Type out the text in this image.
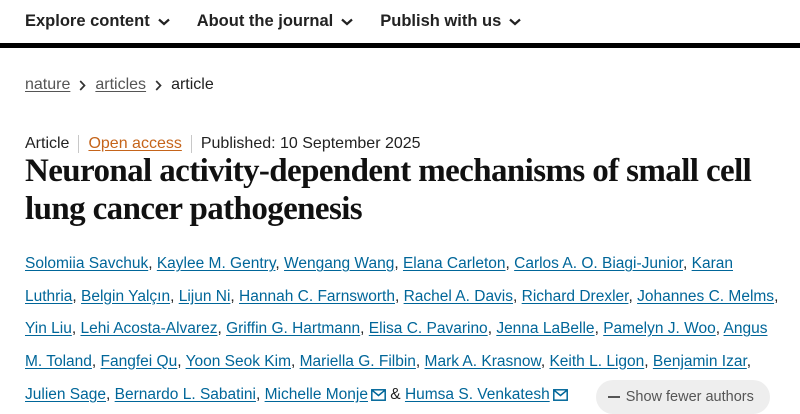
Explore content	About the journal	Publish with us
nature articles article
Article Open access Published: 10 September 2025
Neuronal activity-dependent mechanisms of small cell
lung cancer pathogenesis
Solomiia Savchuk, Kaylee M. Gentry, Wengang Wang, Elana Carleton, Carlos A. O. Biagi-Junior, Karan Luthria, Belgin Yalçın, Lijun Ni, Hannah C. Farnsworth, Rachel A. Davis, Richard Drexler, Johannes C. Melms, Yin Liu, Lehi Acosta-Alvarez, Griffin G. Hartmann, Elisa C. Pavarino, Jenna LaBelle, Pamelyn J. Woo, Angus M. Toland, Fangfei Qu, Yoon Seok Kim, Mariella G. Filbin, Mark A. Krasnow, Keith L. Ligon, Benjamin Izar, Julien Sage, Bernardo L. Sabatini, Michelle Monje & Humsa S. Venkatesh	Show fewer authors
